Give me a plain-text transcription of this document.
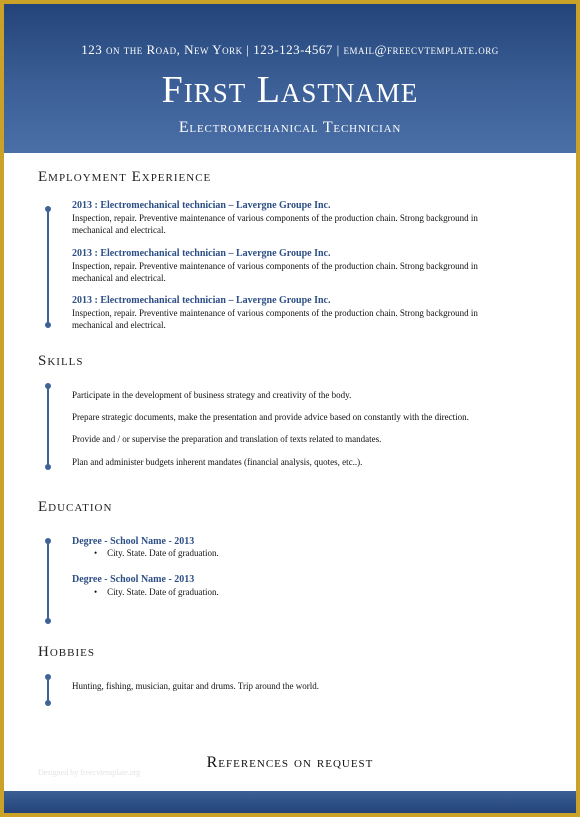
123 on the Road, New York | 123-123-4567 | email@freecvtemplate.org
First Lastname
Electromechanical Technician
Employment Experience
2013 : Electromechanical technician – Lavergne Groupe Inc.
Inspection, repair. Preventive maintenance of various components of the production chain. Strong background in
mechanical and electrical.
2013 : Electromechanical technician – Lavergne Groupe Inc.
Inspection, repair. Preventive maintenance of various components of the production chain. Strong background in
mechanical and electrical.
2013 : Electromechanical technician – Lavergne Groupe Inc.
Inspection, repair. Preventive maintenance of various components of the production chain. Strong background in
mechanical and electrical.
Skills
Participate in the development of business strategy and creativity of the body.
Prepare strategic documents, make the presentation and provide advice based on constantly with the direction.
Provide and / or supervise the preparation and translation of texts related to mandates.
Plan and administer budgets inherent mandates (financial analysis, quotes, etc..).
Education
Degree - School Name - 2013
• City. State. Date of graduation.
Degree - School Name - 2013
• City. State. Date of graduation.
Hobbies
Hunting, fishing, musician, guitar and drums. Trip around the world.
References on request
Designed by freecvtemplate.org
